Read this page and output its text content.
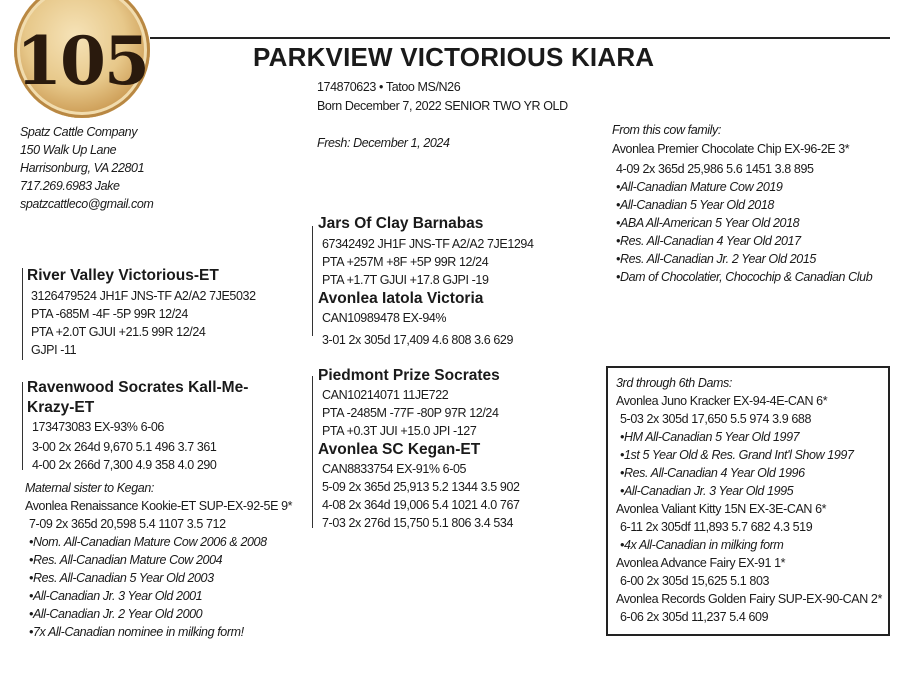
105	PARKVIEW VICTORIOUS KIARA
174870623 • Tatoo MS/N26
Born December 7, 2022 SENIOR TWO YR OLD
Fresh: December 1, 2024
Spatz Cattle Company
150 Walk Up Lane
Harrisonburg, VA 22801
717.269.6983 Jake
spatzcattleco@gmail.com
River Valley Victorious-ET
3126479524 JH1F JNS-TF A2/A2 7JE5032
PTA -685M -4F -5P 99R 12/24
PTA +2.0T GJUI +21.5 99R 12/24
GJPI -11
Jars Of Clay Barnabas
67342492 JH1F JNS-TF A2/A2 7JE1294
PTA +257M +8F +5P 99R 12/24
PTA +1.7T GJUI +17.8 GJPI -19
Avonlea Iatola Victoria
CAN10989478 EX-94%
3-01 2x 305d 17,409 4.6 808 3.6 629
Ravenwood Socrates Kall-Me-
Krazy-ET
173473083 EX-93% 6-06
3-00 2x 264d 9,670 5.1 496 3.7 361
4-00 2x 266d 7,300 4.9 358 4.0 290
Maternal sister to Kegan:
Avonlea Renaissance Kookie-ET SUP-EX-92-5E 9*
7-09 2x 365d 20,598 5.4 1107 3.5 712
•Nom. All-Canadian Mature Cow 2006 & 2008
•Res. All-Canadian Mature Cow 2004
•Res. All-Canadian 5 Year Old 2003
•All-Canadian Jr. 3 Year Old 2001
•All-Canadian Jr. 2 Year Old 2000
•7x All-Canadian nominee in milking form!
Piedmont Prize Socrates
CAN10214071 11JE722
PTA -2485M -77F -80P 97R 12/24
PTA +0.3T JUI +15.0 JPI -127
Avonlea SC Kegan-ET
CAN8833754 EX-91% 6-05
5-09 2x 365d 25,913 5.2 1344 3.5 902
4-08 2x 364d 19,006 5.4 1021 4.0 767
7-03 2x 276d 15,750 5.1 806 3.4 534
From this cow family:
Avonlea Premier Chocolate Chip EX-96-2E 3*
4-09 2x 365d 25,986 5.6 1451 3.8 895
•All-Canadian Mature Cow 2019
•All-Canadian 5 Year Old 2018
•ABA All-American 5 Year Old 2018
•Res. All-Canadian 4 Year Old 2017
•Res. All-Canadian Jr. 2 Year Old 2015
•Dam of Chocolatier, Chocochip & Canadian Club
3rd through 6th Dams:
Avonlea Juno Kracker EX-94-4E-CAN 6*
5-03 2x 305d 17,650 5.5 974 3.9 688
•HM All-Canadian 5 Year Old 1997
•1st 5 Year Old & Res. Grand Int'l Show 1997
•Res. All-Canadian 4 Year Old 1996
•All-Canadian Jr. 3 Year Old 1995
Avonlea Valiant Kitty 15N EX-3E-CAN 6*
6-11 2x 305df 11,893 5.7 682 4.3 519
•4x All-Canadian in milking form
Avonlea Advance Fairy EX-91 1*
6-00 2x 305d 15,625 5.1 803
Avonlea Records Golden Fairy SUP-EX-90-CAN 2*
6-06 2x 305d 11,237 5.4 609
